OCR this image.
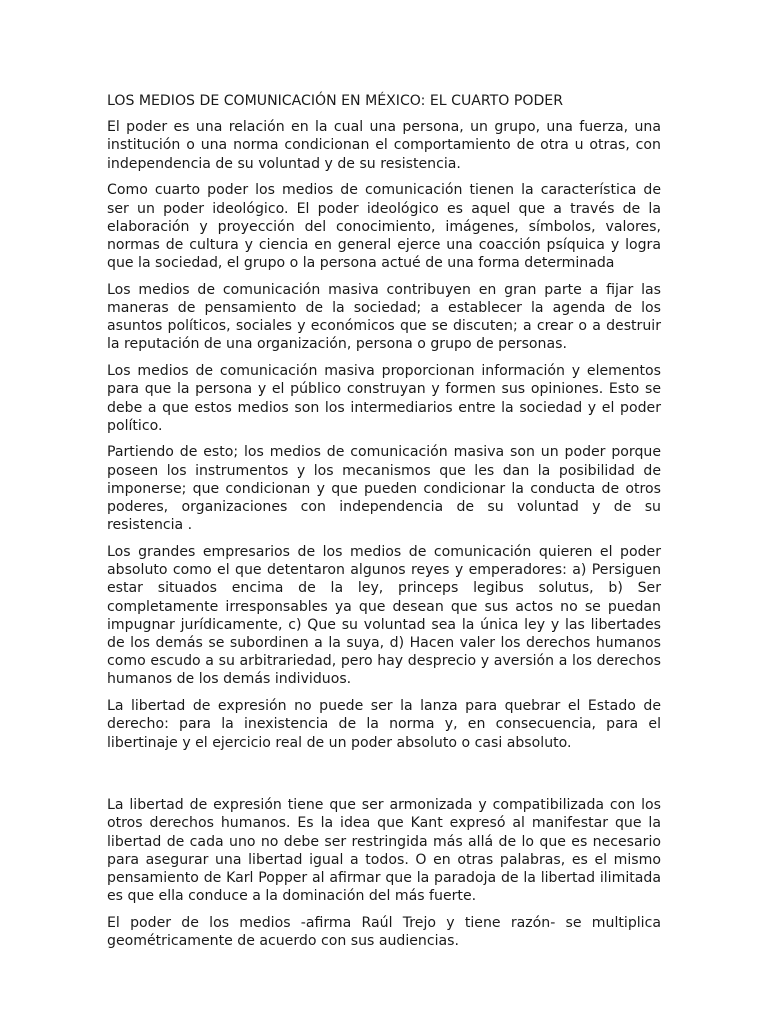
LOS MEDIOS DE COMUNICACIÓN EN MÉXICO: EL CUARTO PODER

El poder es una relación en la cual una persona, un grupo, una fuerza, una institución o una norma condicionan el comportamiento de otra u otras, con independencia de su voluntad y de su resistencia.

Como cuarto poder los medios de comunicación tienen la característica de ser un poder ideológico. El poder ideológico es aquel que a través de la elaboración y proyección del conocimiento, imágenes, símbolos, valores, normas de cultura y ciencia en general ejerce una coacción psíquica y logra que la sociedad, el grupo o la persona actué de una forma determinada

Los medios de comunicación masiva contribuyen en gran parte a fijar las maneras de pensamiento de la sociedad; a establecer la agenda de los asuntos políticos, sociales y económicos que se discuten; a crear o a destruir la reputación de una organización, persona o grupo de personas.

Los medios de comunicación masiva proporcionan información y elementos para que la persona y el público construyan y formen sus opiniones. Esto se debe a que estos medios son los intermediarios entre la sociedad y el poder político.

Partiendo de esto; los medios de comunicación masiva son un poder porque poseen los instrumentos y los mecanismos que les dan la posibilidad de imponerse; que condicionan y que pueden condicionar la conducta de otros poderes, organizaciones con independencia de su voluntad y de su resistencia .

Los grandes empresarios de los medios de comunicación quieren el poder absoluto como el que detentaron algunos reyes y emperadores: a) Persiguen estar situados encima de la ley, princeps legibus solutus, b) Ser completamente irresponsables ya que desean que sus actos no se puedan impugnar jurídicamente, c) Que su voluntad sea la única ley y las libertades de los demás se subordinen a la suya, d) Hacen valer los derechos humanos como escudo a su arbitrariedad, pero hay desprecio y aversión a los derechos humanos de los demás individuos.

La libertad de expresión no puede ser la lanza para quebrar el Estado de derecho: para la inexistencia de la norma y, en consecuencia, para el libertinaje y el ejercicio real de un poder absoluto o casi absoluto.

La libertad de expresión tiene que ser armonizada y compatibilizada con los otros derechos humanos. Es la idea que Kant expresó al manifestar que la libertad de cada uno no debe ser restringida más allá de lo que es necesario para asegurar una libertad igual a todos. O en otras palabras, es el mismo pensamiento de Karl Popper al afirmar que la paradoja de la libertad ilimitada es que ella conduce a la dominación del más fuerte.

El poder de los medios -afirma Raúl Trejo y tiene razón- se multiplica geométricamente de acuerdo con sus audiencias.
